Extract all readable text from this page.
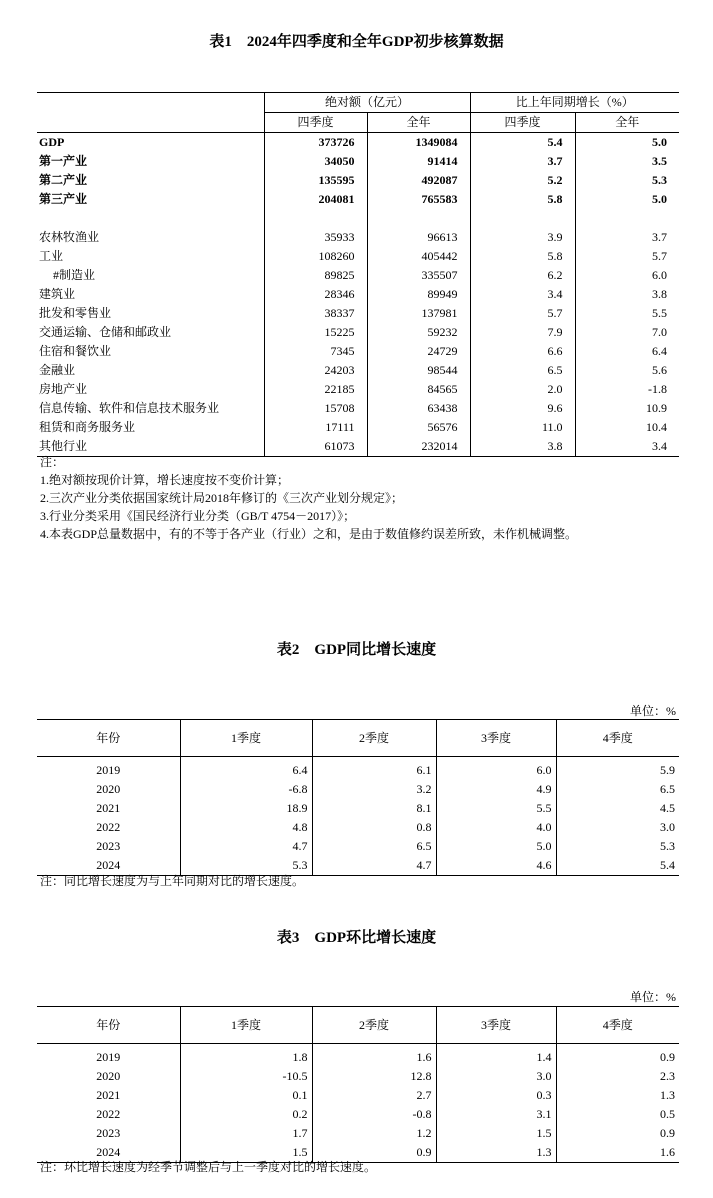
表1　2024年四季度和全年GDP初步核算数据
	绝对额（亿元）		比上年同期增长（%）	
	四季度	全年	四季度	全年
GDP	373726	1349084	5.4	5.0
第一产业	34050	91414	3.7	3.5
第二产业	135595	492087	5.2	5.3
第三产业	204081	765583	5.8	5.0

农林牧渔业	35933	96613	3.9	3.7
工业	108260	405442	5.8	5.7
#制造业	89825	335507	6.2	6.0
建筑业	28346	89949	3.4	3.8
批发和零售业	38337	137981	5.7	5.5
交通运输、仓储和邮政业	15225	59232	7.9	7.0
住宿和餐饮业	7345	24729	6.6	6.4
金融业	24203	98544	6.5	5.6
房地产业	22185	84565	2.0	-1.8
信息传输、软件和信息技术服务业	15708	63438	9.6	10.9
租赁和商务服务业	17111	56576	11.0	10.4
其他行业	61073	232014	3.8	3.4
注：
1.绝对额按现价计算，增长速度按不变价计算；
2.三次产业分类依据国家统计局2018年修订的《三次产业划分规定》；
3.行业分类采用《国民经济行业分类（GB/T 4754－2017）》；
4.本表GDP总量数据中，有的不等于各产业（行业）之和，是由于数值修约误差所致，未作机械调整。
表2　GDP同比增长速度
单位：%
年份	1季度	2季度	3季度	4季度
2019	6.4	6.1	6.0	5.9
2020	-6.8	3.2	4.9	6.5
2021	18.9	8.1	5.5	4.5
2022	4.8	0.8	4.0	3.0
2023	4.7	6.5	5.0	5.3
2024	5.3	4.7	4.6	5.4
注：同比增长速度为与上年同期对比的增长速度。
表3　GDP环比增长速度
单位：%
年份	1季度	2季度	3季度	4季度
2019	1.8	1.6	1.4	0.9
2020	-10.5	12.8	3.0	2.3
2021	0.1	2.7	0.3	1.3
2022	0.2	-0.8	3.1	0.5
2023	1.7	1.2	1.5	0.9
2024	1.5	0.9	1.3	1.6
注：环比增长速度为经季节调整后与上一季度对比的增长速度。
